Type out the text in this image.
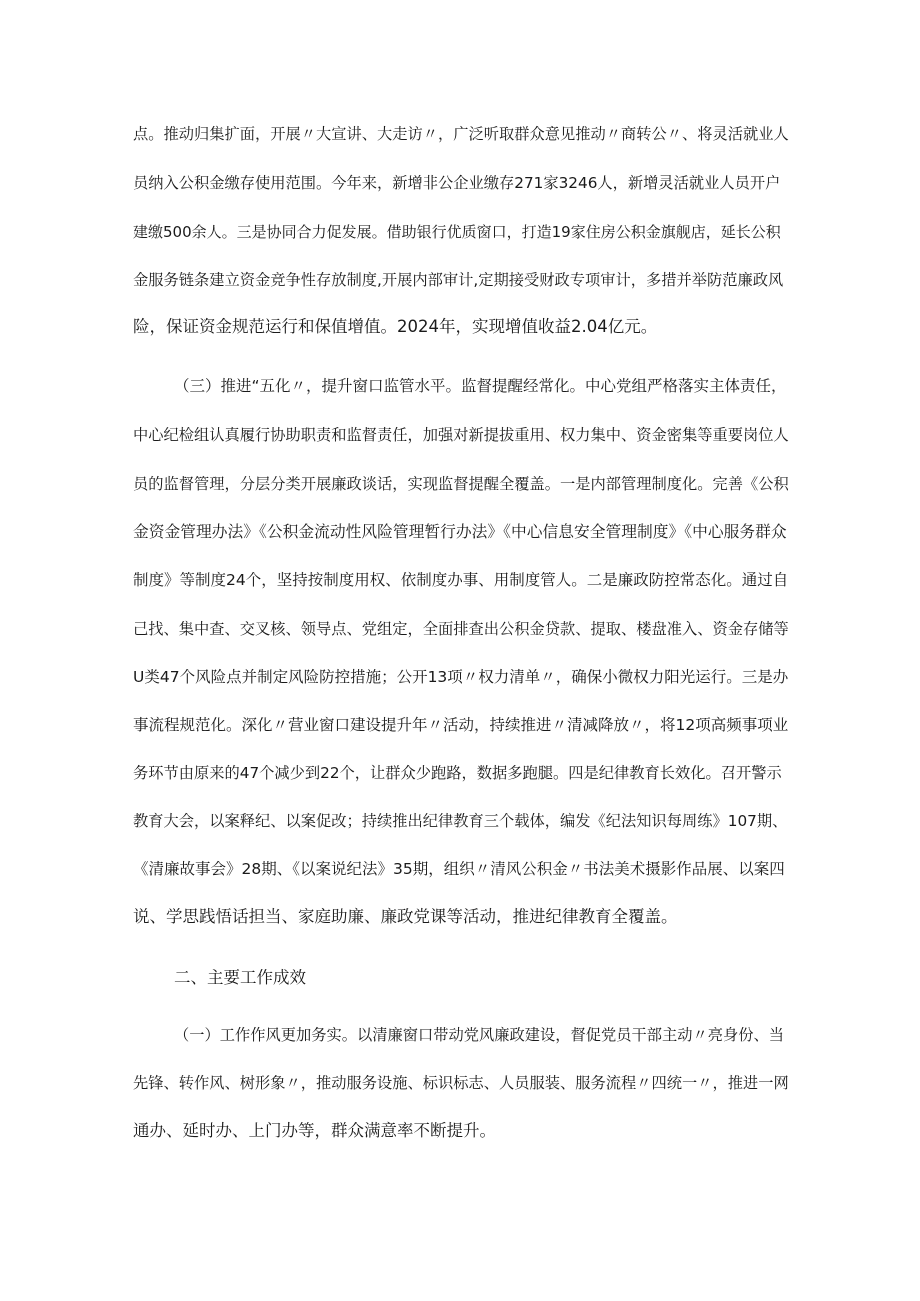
点。推动归集扩面，开展〃大宣讲、大走访〃，广泛听取群众意见推动〃商转公〃、将灵活就业人
员纳入公积金缴存使用范围。今年来，新增非公企业缴存271家3246人，新增灵活就业人员开户
建缴500余人。三是协同合力促发展。借助银行优质窗口，打造19家住房公积金旗舰店，延长公积
金服务链条建立资金竞争性存放制度,开展内部审计,定期接受财政专项审计，多措并举防范廉政风
险，保证资金规范运行和保值增值。2024年，实现增值收益2.04亿元。
（三）推进“五化〃，提升窗口监管水平。监督提醒经常化。中心党组严格落实主体责任，
中心纪检组认真履行协助职责和监督责任，加强对新提拔重用、权力集中、资金密集等重要岗位人
员的监督管理，分层分类开展廉政谈话，实现监督提醒全覆盖。一是内部管理制度化。完善《公积
金资金管理办法》《公积金流动性风险管理暂行办法》《中心信息安全管理制度》《中心服务群众
制度》等制度24个，坚持按制度用权、依制度办事、用制度管人。二是廉政防控常态化。通过自
己找、集中查、交叉核、领导点、党组定，全面排查出公积金贷款、提取、楼盘准入、资金存储等
U类47个风险点并制定风险防控措施；公开13项〃权力清单〃，确保小微权力阳光运行。三是办
事流程规范化。深化〃营业窗口建设提升年〃活动，持续推进〃清减降放〃，将12项高频事项业
务环节由原来的47个减少到22个，让群众少跑路，数据多跑腿。四是纪律教育长效化。召开警示
教育大会，以案释纪、以案促改；持续推出纪律教育三个载体，编发《纪法知识每周练》107期、
《清廉故事会》28期、《以案说纪法》35期，组织〃清风公积金〃书法美术摄影作品展、以案四
说、学思践悟话担当、家庭助廉、廉政党课等活动，推进纪律教育全覆盖。
二、主要工作成效
（一）工作作风更加务实。以清廉窗口带动党风廉政建设，督促党员干部主动〃亮身份、当
先锋、转作风、树形象〃，推动服务设施、标识标志、人员服装、服务流程〃四统一〃，推进一网
通办、延时办、上门办等，群众满意率不断提升。
